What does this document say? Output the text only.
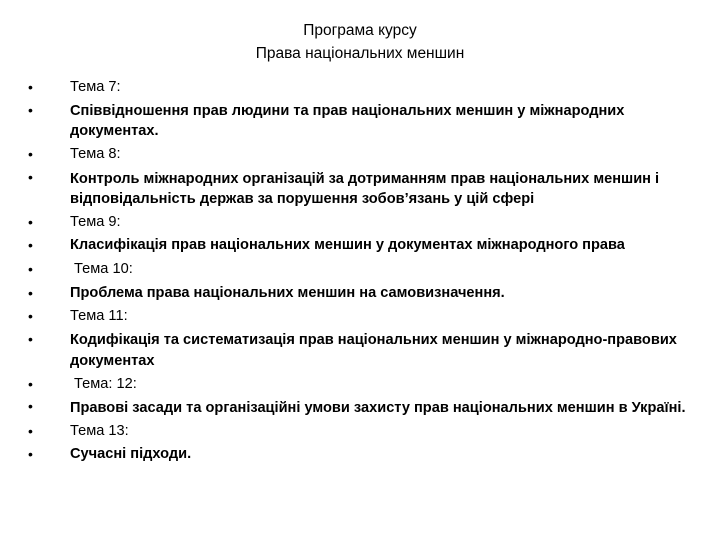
Програма курсу

Права національних меншин

•	Тема 7:
•	Співвідношення прав людини та прав національних меншин у міжнародних документах.
•	Тема 8:
•	Контроль міжнародних організацій за дотриманням прав національних меншин і відповідальність держав за порушення зобов’язань у цій сфері
•	Тема 9:
•	Класифікація прав національних меншин у документах міжнародного права
•	Тема 10:
•	Проблема права національних меншин на самовизначення.
•	Тема 11:
•	Кодифікація та систематизація прав національних меншин у міжнародно-правових документах
•	Тема: 12:
•	Правові засади та організаційні умови захисту прав національних меншин в Україні.
•	Тема 13:
•	Сучасні підходи.
